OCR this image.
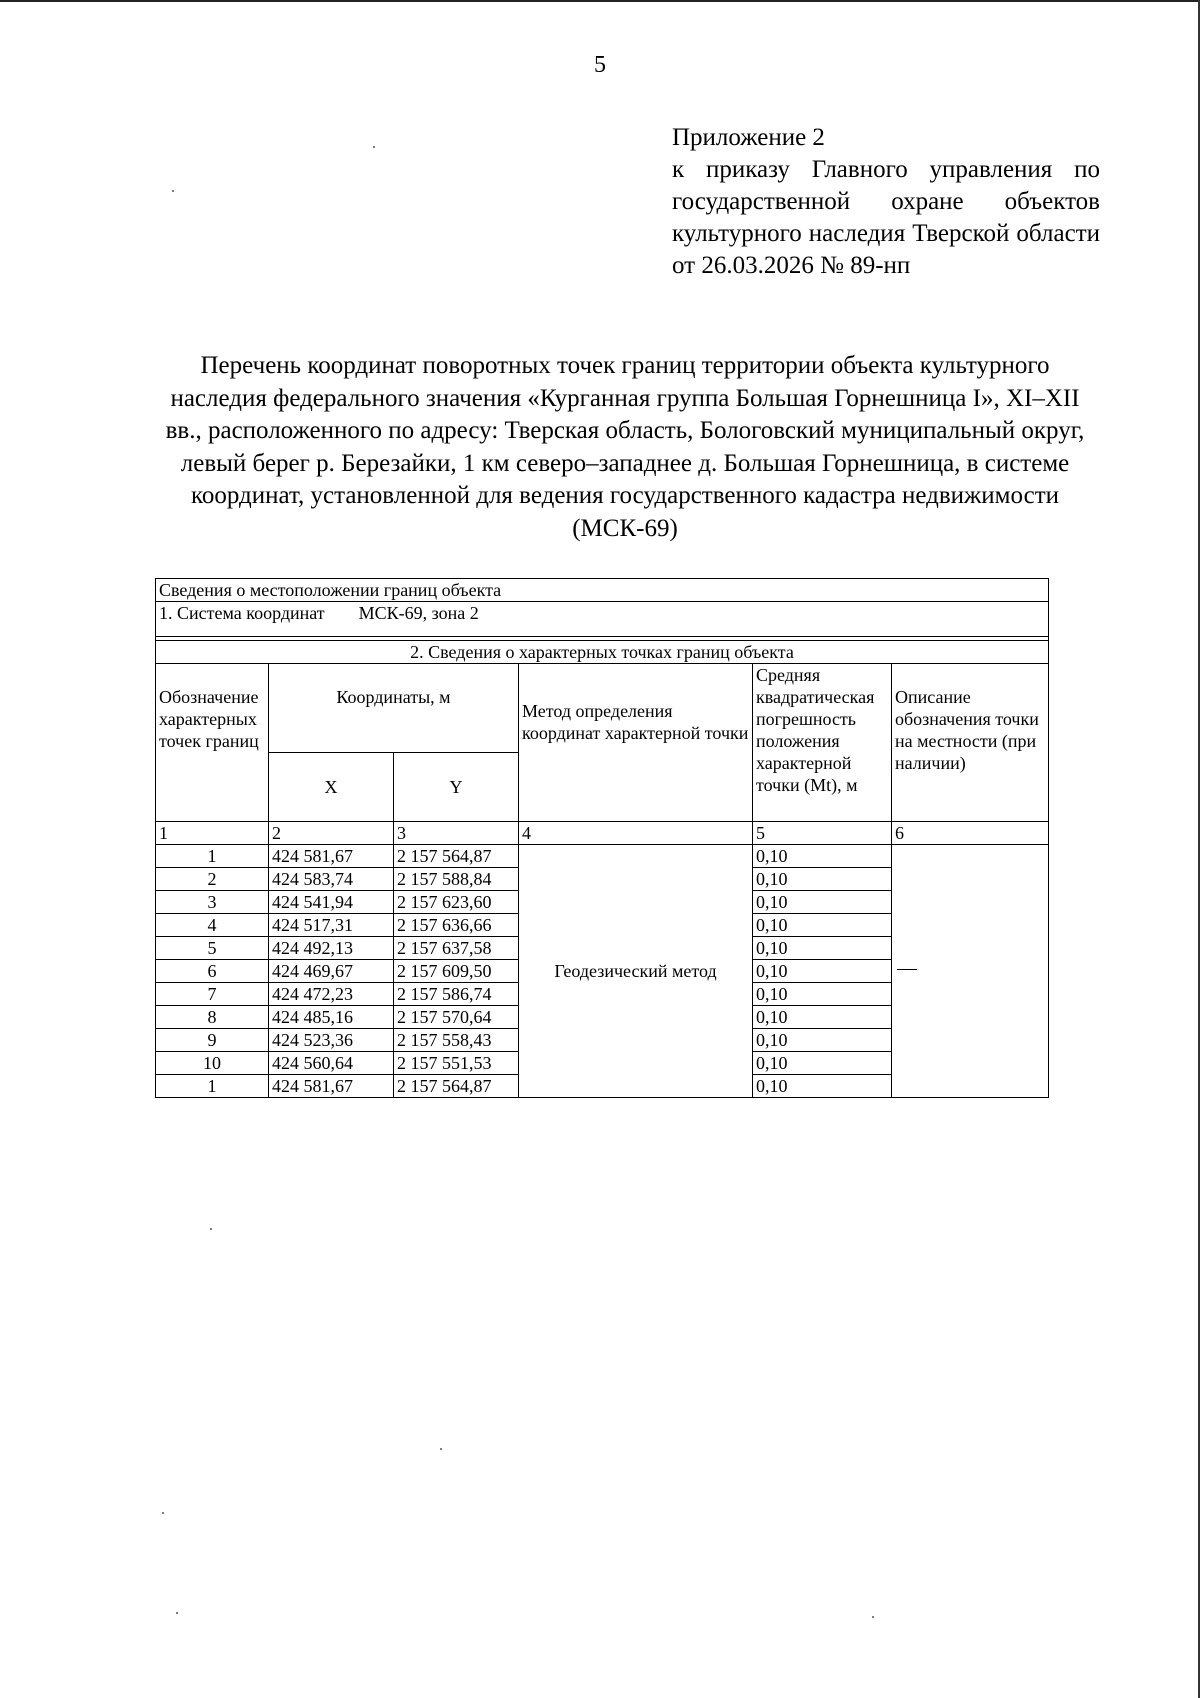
5
Приложение 2
к приказу Главного управления по государственной охране объектов культурного наследия Тверской области от 26.03.2026 № 89-нп
Перечень координат поворотных точек границ территории объекта культурного наследия федерального значения «Курганная группа Большая Горнешница I», XI–XII вв., расположенного по адресу: Тверская область, Бологовский муниципальный округ, левый берег р. Березайки, 1 км северо–западнее д. Большая Горнешница, в системе координат, установленной для ведения государственного кадастра недвижимости (МСК-69)
Сведения о местоположении границ объекта					
1. Система координат МСК-69, зона 2					

2. Сведения о характерных точках границ объекта					
Обозначение характерных точек границ	Координаты, м		Метод определения координат характерной точки	Средняя квадратическая погрешность положения характерной точки (Mt), м	Описание обозначения точки на местности (при наличии)
	X	Y			
1	2	3	4	5	6
1	424 581,67	2 157 564,87	Геодезический метод	0,10	
2	424 583,74	2 157 588,84		0,10	
3	424 541,94	2 157 623,60		0,10	
4	424 517,31	2 157 636,66		0,10	
5	424 492,13	2 157 637,58		0,10	
6	424 469,67	2 157 609,50		0,10	
7	424 472,23	2 157 586,74		0,10	
8	424 485,16	2 157 570,64		0,10	
9	424 523,36	2 157 558,43		0,10	
10	424 560,64	2 157 551,53		0,10	
1	424 581,67	2 157 564,87		0,10	
